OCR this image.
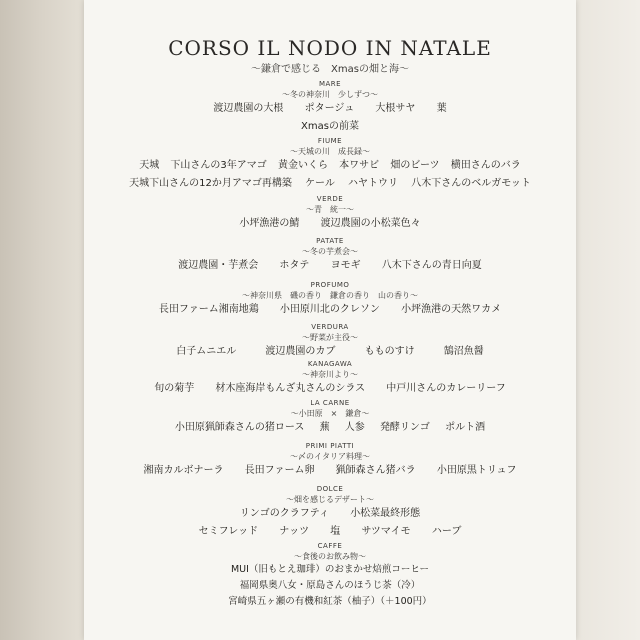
CORSO IL NODO IN NATALE
〜鎌倉で感じる　Xmasの畑と海〜
MARE
〜冬の神奈川　少しずつ〜
渡辺農園の大根 ポタージュ 大根サヤ 葉
Xmasの前菜
FIUME
〜天城の川　成長録〜
天城 下山さんの3年アマゴ 黄金いくら 本ワサビ 畑のビーツ 横田さんのバラ
天城下山さんの12か月アマゴ再構築 ケール ハヤトウリ 八木下さんのベルガモット
VERDE
〜青　統一〜
小坪漁港の鯖 渡辺農園の小松菜色々
PATATE
〜冬の芋煮会〜
渡辺農園・芋煮会 ホタテ ヨモギ 八木下さんの青日向夏
PROFUMO
〜神奈川県　磯の香り　鎌倉の香り　山の香り〜
長田ファーム湘南地鶏 小田原川北のクレソン 小坪漁港の天然ワカメ
VERDURA
〜野菜が主役〜
白子ムニエル	渡辺農園のカブ	もものすけ	鵠沼魚醤
KANAGAWA
〜神奈川より〜
旬の菊芋 材木座海岸もんざ丸さんのシラス 中戸川さんのカレーリーフ
LA CARNE
〜小田原　×　鎌倉〜
小田原猟師森さんの猪ロース 蕪 人参 発酵リンゴ ポルト酒
PRIMI PIATTI
〜〆のイタリア料理〜
湘南カルボナーラ 長田ファーム卵 猟師森さん猪バラ 小田原黒トリュフ
DOLCE
〜畑を感じるデザート〜
リンゴのクラフティ 小松菜最終形態
セミフレッド ナッツ 塩 サツマイモ ハーブ
CAFFE
〜食後のお飲み物〜
MUI（旧もとえ珈琲）のおまかせ焙煎コーヒー
福岡県奥八女・原島さんのほうじ茶（冷）
宮崎県五ヶ瀬の有機和紅茶（柚子）（＋100円）
